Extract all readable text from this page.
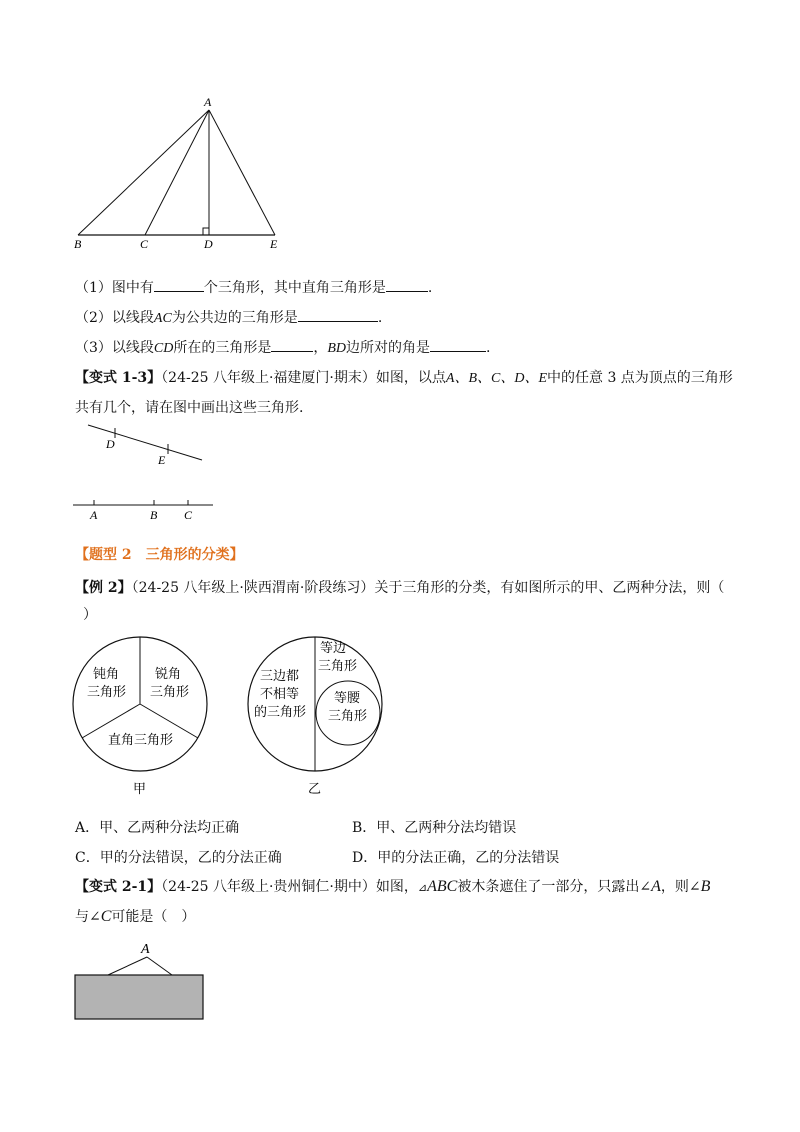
A
B	C	D	E
（1）图中有	个三角形，其中直角三角形是	.
（2）以线段AC为公共边的三角形是	.
（3）以线段CD所在的三角形是	，BD边所对的角是	.
【变式 1-3】（24-25 八年级上·福建厦门·期末）如图，以点A、B、C、D、E中的任意 3 点为顶点的三角形
共有几个，请在图中画出这些三角形.
D
E
A	B C
【题型 2　三角形的分类】
【例 2】（24-25 八年级上·陕西渭南·阶段练习）关于三角形的分类，有如图所示的甲、乙两种分法，则（
）
钝角
三角形
锐角
三角形
直角三角形
甲
等边
三角形
三边都
不相等
的三角形
等腰
三角形
乙
A．甲、乙两种分法均正确	B．甲、乙两种分法均错误
C．甲的分法错误，乙的分法正确	D．甲的分法正确，乙的分法错误
【变式 2-1】（24-25 八年级上·贵州铜仁·期中）如图，⊿ABC被木条遮住了一部分，只露出∠A，则∠B
与∠C可能是（　）
A
